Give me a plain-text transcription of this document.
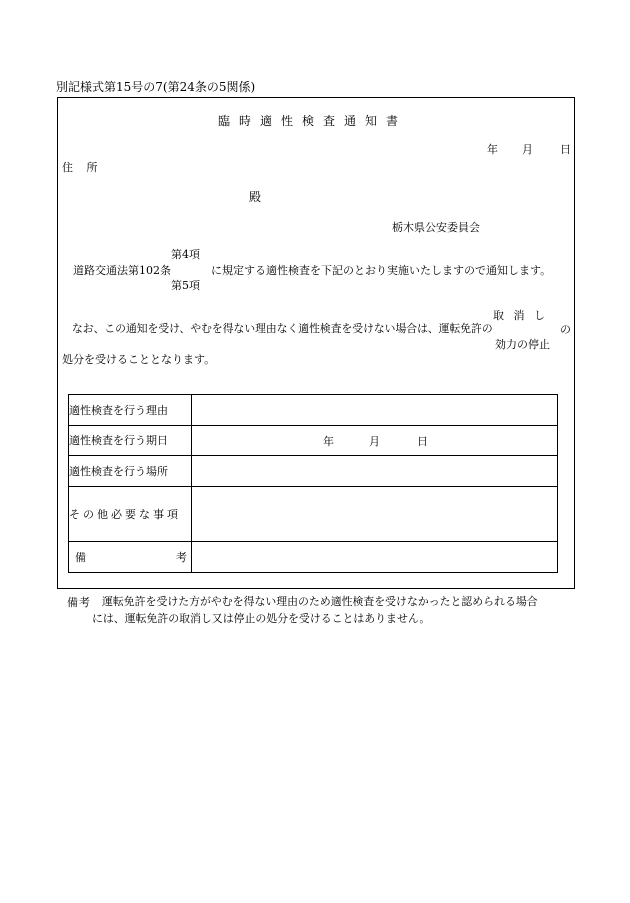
別記様式第15号の7(第24条の5関係)
臨時適性検査通知書
年 月 日
住 所
殿
栃木県公安委員会
第4項
道路交通法第102条	に規定する適性検査を下記のとおり実施いたしますので通知します。
第5項
取 消 し
なお、この通知を受け、やむを得ない理由なく適性検査を受けない場合は、運転免許の	の
効力の停止
処分を受けることとなります。
適性検査を行う理由	
適性検査を行う期日	年 月 日

適性検査を行う場所	
その他必要な事項	

備 考	

備考 運転免許を受けた方がやむを得ない理由のため適性検査を受けなかったと認められる場合
には、運転免許の取消し又は停止の処分を受けることはありません。
